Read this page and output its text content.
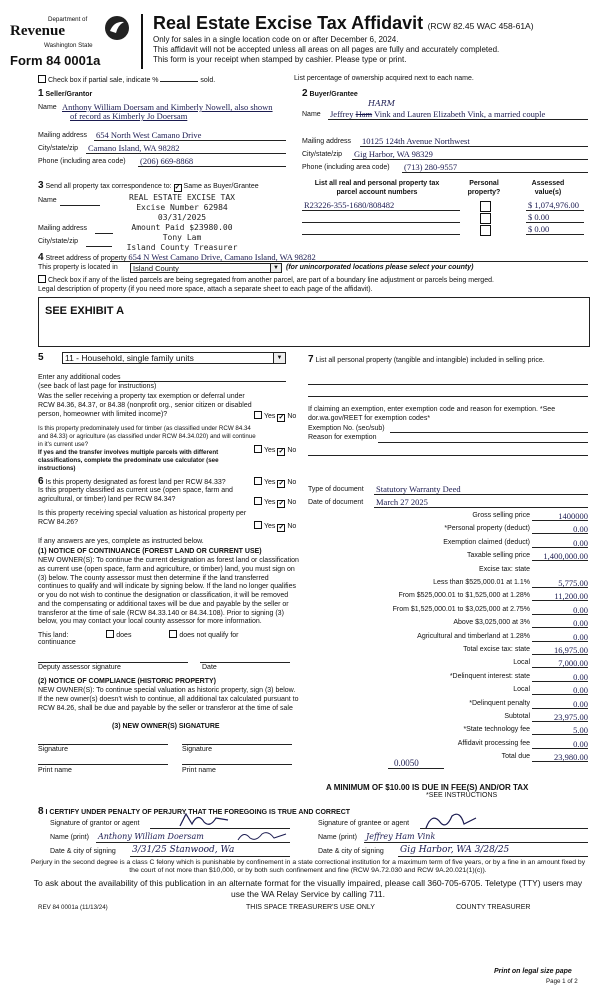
Department of
Revenue
Washington State
Form 84 0001a
Real Estate Excise Tax Affidavit (RCW 82.45 WAC 458-61A)
Only for sales in a single location code on or after December 6, 2024.
This affidavit will not be accepted unless all areas on all pages are fully and accurately completed.
This form is your receipt when stamped by cashier. Please type or print.
Check box if partial sale, indicate %	sold.	List percentage of ownership acquired next to each name.
1 Seller/Grantor
Name Anthony William Doersam and Kimberly Nowell, also shown
of record as Kimberly Jo Doersam
Mailing address 654 North West Camano Drive
City/state/zip Camano Island, WA 98282
Phone (including area code) (206) 669-8868
2 Buyer/Grantee
HARM
Name Jeffrey Ham Vink and Lauren Elizabeth Vink, a married couple
Mailing address 10125 124th Avenue Northwest
City/state/zip Gig Harbor, WA 98329
Phone (including area code) (713) 280-9557
3 Send all property tax correspondence to: ✓ Same as Buyer/Grantee
Name
Mailing address
City/state/zip
REAL ESTATE EXCISE TAX
Excise Number 62984
03/31/2025
Amount Paid $23980.00
Tony Lam
Island County Treasurer
List all real and personal property tax
parcel account numbers
Personal
property?
Assessed
value(s)
R23226-355-1680/808482	$ 1,074,976.00
$ 0.00
$ 0.00
4 Street address of property 654 N West Camano Drive, Camano Island, WA 98282
This property is located in	Island County	▼ (for unincorporated locations please select your county)
Check box if any of the listed parcels are being segregated from another parcel, are part of a boundary line adjustment or parcels being merged.
Legal description of property (if you need more space, attach a separate sheet to each page of the affidavit).
SEE EXHIBIT A
5	11 - Household, single family units	▼
Enter any additional codes
(see back of last page for instructions)
Was the seller receiving a property tax exemption or deferral under RCW 84.36, 84.37, or 84.38 (nonprofit org., senior citizen or disabled person, homeowner with limited income)?	Yes ✓ No
Is this property predominately used for timber (as classified under RCW 84.34 and 84.33) or agriculture (as classified under RCW 84.34.020) and will continue in it's current use?
If yes and the transfer involves multiple parcels with different classifications, complete the predominate use calculator (see instructions)
Yes ✓ No
7 List all personal property (tangible and intangible) included in selling price.
If claiming an exemption, enter exemption code and reason for exemption. *See dor.wa.gov/REET for exemption codes*
Exemption No. (sec/sub)
Reason for exemption
6 Is this property designated as forest land per RCW 84.33?	Yes ✓ No
Is this property classified as current use (open space, farm and agricultural, or timber) land per RCW 84.34?	Yes ✓ No
Is this property receiving special valuation as historical property per RCW 84.26?
Yes ✓ No
If any answers are yes, complete as instructed below.
(1) NOTICE OF CONTINUANCE (FOREST LAND OR CURRENT USE)
NEW OWNER(S): To continue the current designation as forest land or classification as current use (open space, farm and agriculture, or timber) land, you must sign on (3) below. The county assessor must then determine if the land transferred continues to qualify and will indicate by signing below. If the land no longer qualifies or you do not wish to continue the designation or classification, it will be removed and the compensating or additional taxes will be due and payable by the seller or transferor at the time of sale (RCW 84.33.140 or 84.34.108). Prior to signing (3) below, you may contact your local county assessor for more information.
This land:	does	does not qualify for
continuance
Deputy assessor signature	Date
(2) NOTICE OF COMPLIANCE (HISTORIC PROPERTY)
NEW OWNER(S): To continue special valuation as historic property, sign (3) below. If the new owner(s) doesn't wish to continue, all additional tax calculated pursuant to RCW 84.26, shall be due and payable by the seller or transferor at the time of sale
(3) NEW OWNER(S) SIGNATURE
Signature	Signature
Print name	Print name
Type of document Statutory Warranty Deed
Date of document March 27 2025
Gross selling price	1400000
*Personal property (deduct)	0.00
Exemption claimed (deduct)	0.00
Taxable selling price	1,400,000.00
Excise tax: state
Less than $525,000.01 at 1.1%	5,775.00
From $525,000.01 to $1,525,000 at 1.28%	11,200.00
From $1,525,000.01 to $3,025,000 at 2.75%	0.00
Above $3,025,000 at 3%	0.00
Agricultural and timberland at 1.28%	0.00
Total excise tax: state	16,975.00
Local	7,000.00
*Delinquent interest: state	0.00
Local	0.00
*Delinquent penalty	0.00
Subtotal	23,975.00
*State technology fee	5.00
Affidavit processing fee	0.00
Total due	23,980.00
0.0050
A MINIMUM OF $10.00 IS DUE IN FEE(S) AND/OR TAX
*SEE INSTRUCTIONS
8 I CERTIFY UNDER PENALTY OF PERJURY THAT THE FOREGOING IS TRUE AND CORRECT
Signature of grantor or agent
Name (print) Anthony William Doersam
Date & city of signing 3/31/25 Stanwood, Wa
Signature of grantee or agent
Name (print) Jeffrey Ham Vink
Date & city of signing Gig Harbor, WA 3/28/25
Perjury in the second degree is a class C felony which is punishable by confinement in a state correctional institution for a maximum term of five years, or by a fine in an amount fixed by the court of not more than $10,000, or by both such confinement and fine (RCW 9A.72.030 and RCW 9A.20.021(1)(c)).
To ask about the availability of this publication in an alternate format for the visually impaired, please call 360-705-6705. Teletype (TTY) users may use the WA Relay Service by calling 711.
REV 84 0001a (11/13/24)	THIS SPACE TREASURER'S USE ONLY	COUNTY TREASURER
Print on legal size pape
Page 1 of 2
